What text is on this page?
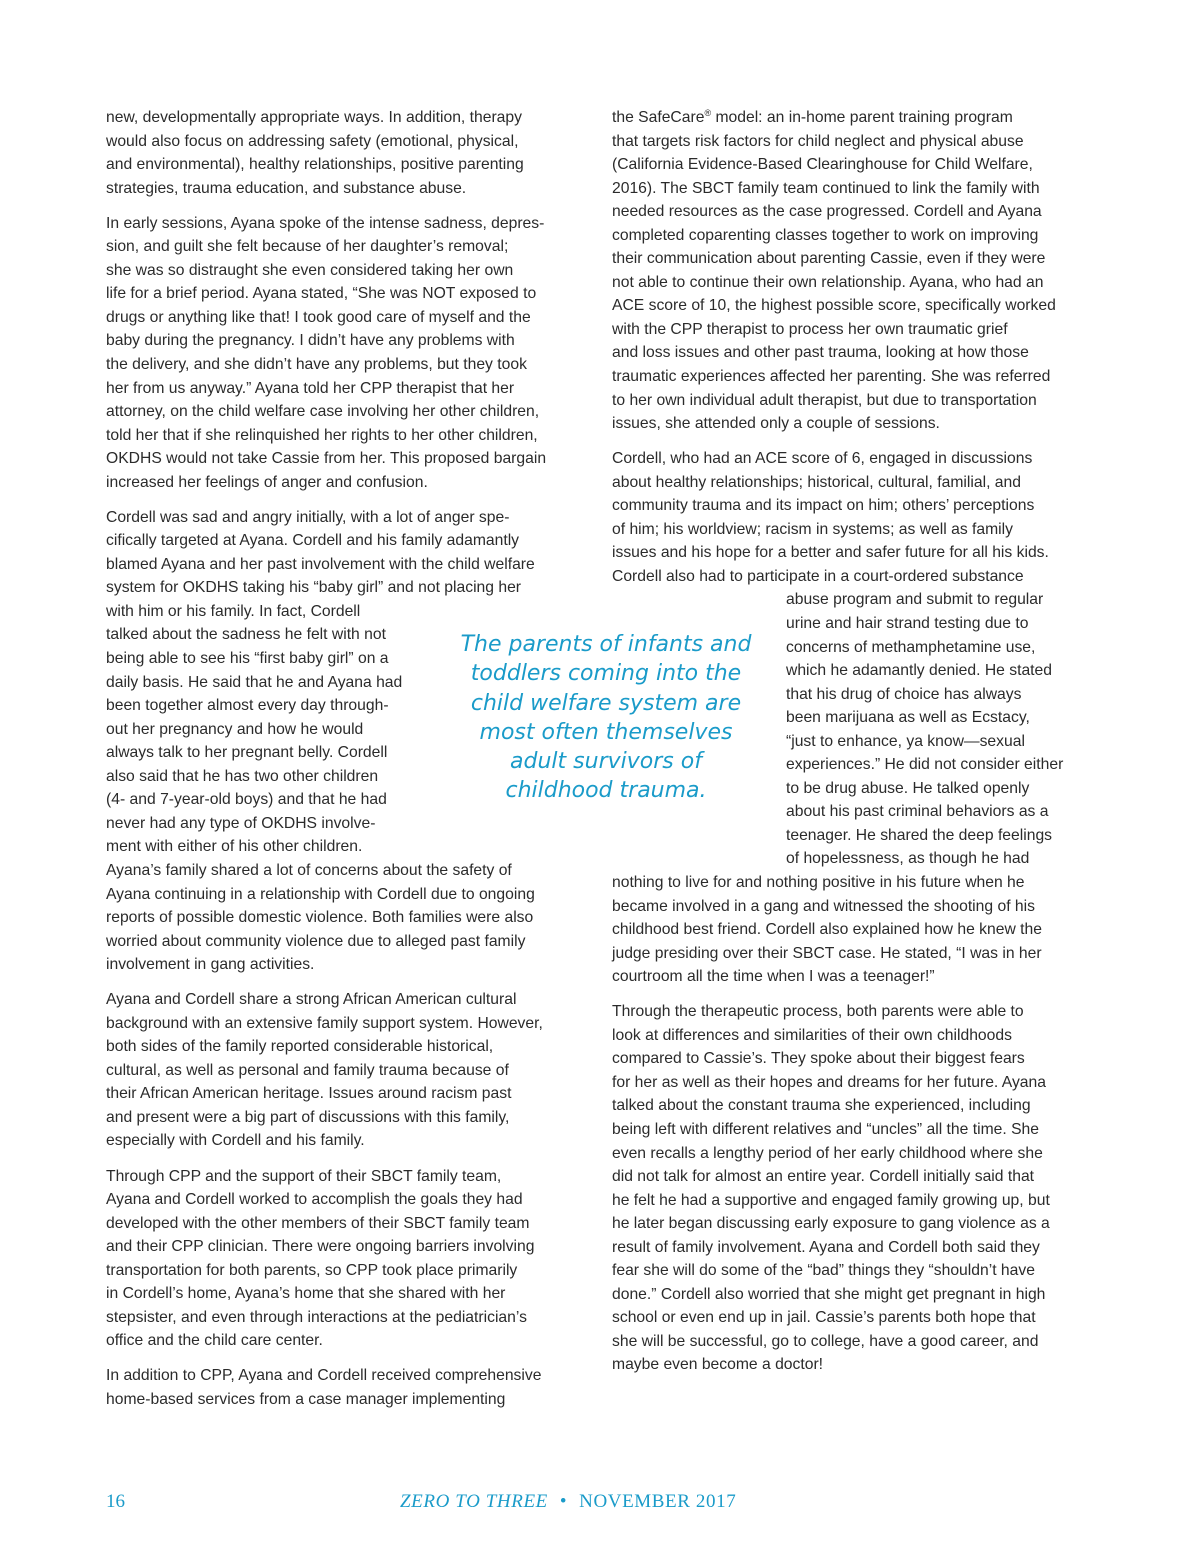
new, developmentally appropriate ways. In addition, therapy
would also focus on addressing safety (emotional, physical,
and environmental), healthy relationships, positive parenting
strategies, trauma education, and substance abuse.

In early sessions, Ayana spoke of the intense sadness, depres-
sion, and guilt she felt because of her daughter’s removal;
she was so distraught she even considered taking her own
life for a brief period. Ayana stated, “She was NOT exposed to
drugs or anything like that! I took good care of myself and the
baby during the pregnancy. I didn’t have any problems with
the delivery, and she didn’t have any problems, but they took
her from us anyway.” Ayana told her CPP therapist that her
attorney, on the child welfare case involving her other children,
told her that if she relinquished her rights to her other children,
OKDHS would not take Cassie from her. This proposed bargain
increased her feelings of anger and confusion.

Cordell was sad and angry initially, with a lot of anger spe-
cifically targeted at Ayana. Cordell and his family adamantly
blamed Ayana and her past involvement with the child welfare
system for OKDHS taking his “baby girl” and not placing her
with him or his family. In fact, Cordell
talked about the sadness he felt with not
being able to see his “first baby girl” on a
daily basis. He said that he and Ayana had
been together almost every day through-
out her pregnancy and how he would
always talk to her pregnant belly. Cordell
also said that he has two other children
(4- and 7-year-old boys) and that he had
never had any type of OKDHS involve-
ment with either of his other children.
Ayana’s family shared a lot of concerns about the safety of
Ayana continuing in a relationship with Cordell due to ongoing
reports of possible domestic violence. Both families were also
worried about community violence due to alleged past family
involvement in gang activities.

Ayana and Cordell share a strong African American cultural
background with an extensive family support system. However,
both sides of the family reported considerable historical,
cultural, as well as personal and family trauma because of
their African American heritage. Issues around racism past
and present were a big part of discussions with this family,
especially with Cordell and his family.

Through CPP and the support of their SBCT family team,
Ayana and Cordell worked to accomplish the goals they had
developed with the other members of their SBCT family team
and their CPP clinician. There were ongoing barriers involving
transportation for both parents, so CPP took place primarily
in Cordell’s home, Ayana’s home that she shared with her
stepsister, and even through interactions at the pediatrician’s
office and the child care center.

In addition to CPP, Ayana and Cordell received comprehensive
home-based services from a case manager implementing

the SafeCare® model: an in-home parent training program
that targets risk factors for child neglect and physical abuse
(California Evidence-Based Clearinghouse for Child Welfare,
2016). The SBCT family team continued to link the family with
needed resources as the case progressed. Cordell and Ayana
completed coparenting classes together to work on improving
their communication about parenting Cassie, even if they were
not able to continue their own relationship. Ayana, who had an
ACE score of 10, the highest possible score, specifically worked
with the CPP therapist to process her own traumatic grief
and loss issues and other past trauma, looking at how those
traumatic experiences affected her parenting. She was referred
to her own individual adult therapist, but due to transportation
issues, she attended only a couple of sessions.

Cordell, who had an ACE score of 6, engaged in discussions
about healthy relationships; historical, cultural, familial, and
community trauma and its impact on him; others’ perceptions
of him; his worldview; racism in systems; as well as family
issues and his hope for a better and safer future for all his kids.
Cordell also had to participate in a court-ordered substance
abuse program and submit to regular
urine and hair strand testing due to
concerns of methamphetamine use,
which he adamantly denied. He stated
that his drug of choice has always
been marijuana as well as Ecstacy,
“just to enhance, ya know—sexual
experiences.” He did not consider either
to be drug abuse. He talked openly
about his past criminal behaviors as a
teenager. He shared the deep feelings
of hopelessness, as though he had
nothing to live for and nothing positive in his future when he
became involved in a gang and witnessed the shooting of his
childhood best friend. Cordell also explained how he knew the
judge presiding over their SBCT case. He stated, “I was in her
courtroom all the time when I was a teenager!”

Through the therapeutic process, both parents were able to
look at differences and similarities of their own childhoods
compared to Cassie’s. They spoke about their biggest fears
for her as well as their hopes and dreams for her future. Ayana
talked about the constant trauma she experienced, including
being left with different relatives and “uncles” all the time. She
even recalls a lengthy period of her early childhood where she
did not talk for almost an entire year. Cordell initially said that
he felt he had a supportive and engaged family growing up, but
he later began discussing early exposure to gang violence as a
result of family involvement. Ayana and Cordell both said they
fear she will do some of the “bad” things they “shouldn’t have
done.” Cordell also worried that she might get pregnant in high
school or even end up in jail. Cassie’s parents both hope that
she will be successful, go to college, have a good career, and
maybe even become a doctor!

The parents of infants and
toddlers coming into the
child welfare system are
most often themselves
adult survivors of
childhood trauma.
16	ZERO TO THREE • NOVEMBER 2017
